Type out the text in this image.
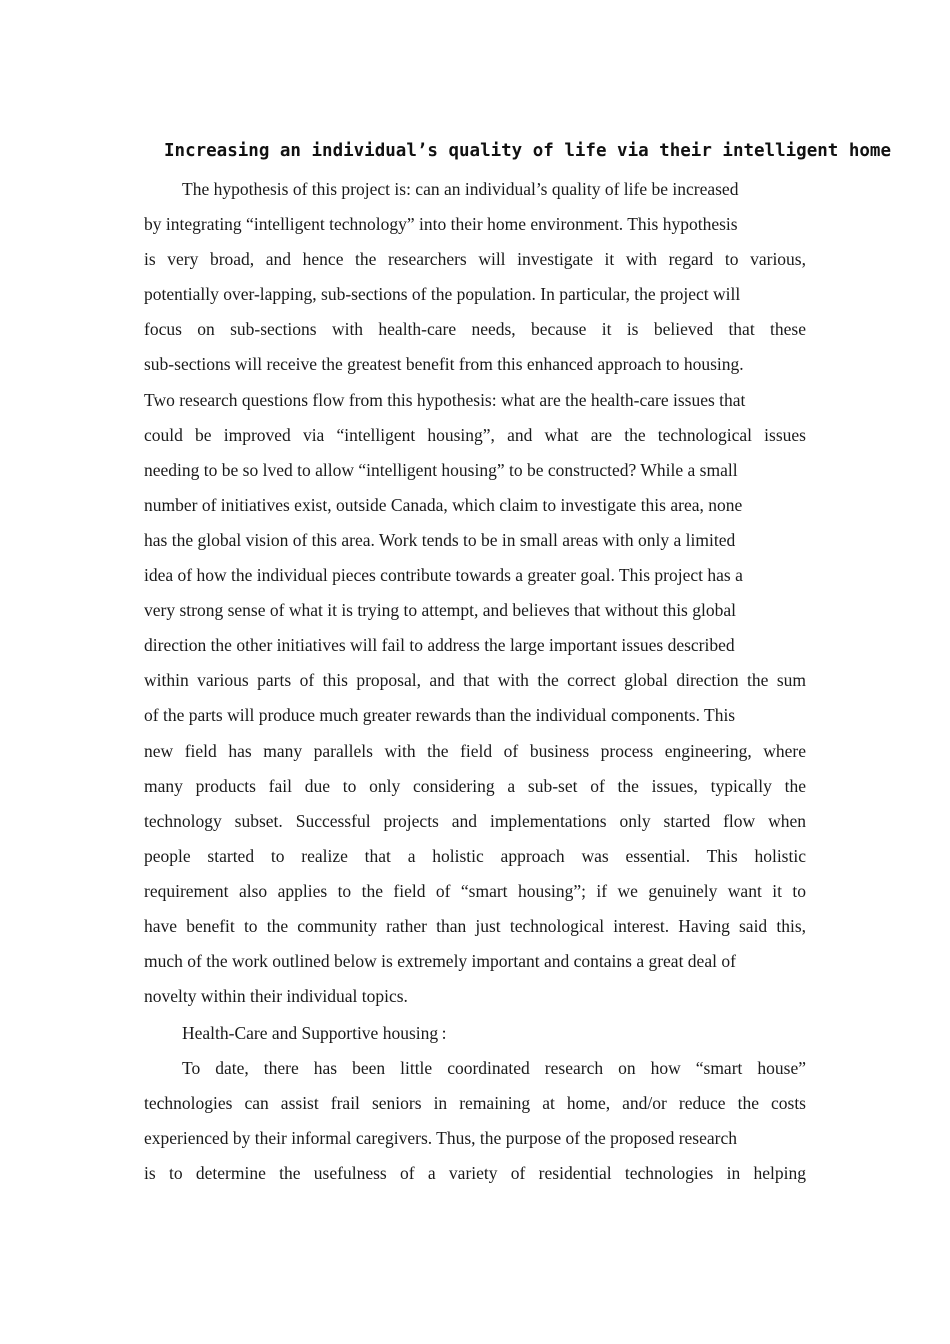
Increasing an individual’s quality of life via their intelligent home
The hypothesis of this project is: can an individual’s quality of life be increased
by integrating “intelligent technology” into their home environment. This hypothesis
is very broad, and hence the researchers will investigate it with regard to various,
potentially over-lapping, sub-sections of the population. In particular, the project will
focus on sub-sections with health-care needs, because it is believed that these
sub-sections will receive the greatest benefit from this enhanced approach to housing.
Two research questions flow from this hypothesis: what are the health-care issues that
could be improved via “intelligent housing”, and what are the technological issues
needing to be so lved to allow “intelligent housing” to be constructed? While a small
number of initiatives exist, outside Canada, which claim to investigate this area, none
has the global vision of this area. Work tends to be in small areas with only a limited
idea of how the individual pieces contribute towards a greater goal. This project has a
very strong sense of what it is trying to attempt, and believes that without this global
direction the other initiatives will fail to address the large important issues described
within various parts of this proposal, and that with the correct global direction the sum
of the parts will produce much greater rewards than the individual components. This
new field has many parallels with the field of business process engineering, where
many products fail due to only considering a sub-set of the issues, typically the
technology subset. Successful projects and implementations only started flow when
people started to realize that a holistic approach was essential. This holistic
requirement also applies to the field of “smart housing”; if we genuinely want it to
have benefit to the community rather than just technological interest. Having said this,
much of the work outlined below is extremely important and contains a great deal of
novelty within their individual topics.
Health-Care and Supportive housing :
To date, there has been little coordinated research on how “smart house”
technologies can assist frail seniors in remaining at home, and/or reduce the costs
experienced by their informal caregivers. Thus, the purpose of the proposed research
is to determine the usefulness of a variety of residential technologies in helping
